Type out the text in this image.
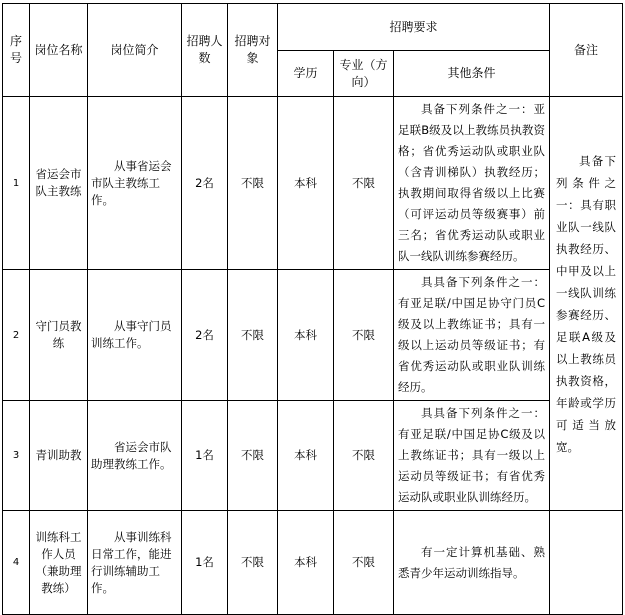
序号	岗位名称	岗位简介	招聘人数	招聘对象	招聘要求			备注
					学历	专业（方向）	其他条件	
1	省运会市队主教练	从事省运会市队主教练工作。	2名	不限	本科	不限	具备下列条件之一：亚足联B级及以上教练员执教资格；省优秀运动队或职业队（含青训梯队）执教经历；执教期间取得省级以上比赛（可评运动员等级赛事）前三名；省优秀运动队或职业队一线队训练参赛经历。	具备下列条件之一：具有职业队一线队执教经历、中甲及以上一线队训练参赛经历、足联A级及以上教练员执教资格，年龄或学历可适当放宽。
2	守门员教练	从事守门员训练工作。	2名	不限	本科	不限	具具备下列条件之一：有亚足联/中国足协守门员C级及以上教练证书；具有一级以上运动员等级证书；有省优秀运动队或职业队训练经历。	
3	青训助教	省运会市队助理教练工作。	1名	不限	本科	不限	具具备下列条件之一：有亚足联/中国足协C级及以上教练证书；具有一级以上运动员等级证书；有省优秀运动队或职业队训练经历。	
4	训练科工作人员（兼助理教练）	从事训练科日常工作，能进行训练辅助工作。	1名	不限	本科	不限	有一定计算机基础、熟悉青少年运动训练指导。	
